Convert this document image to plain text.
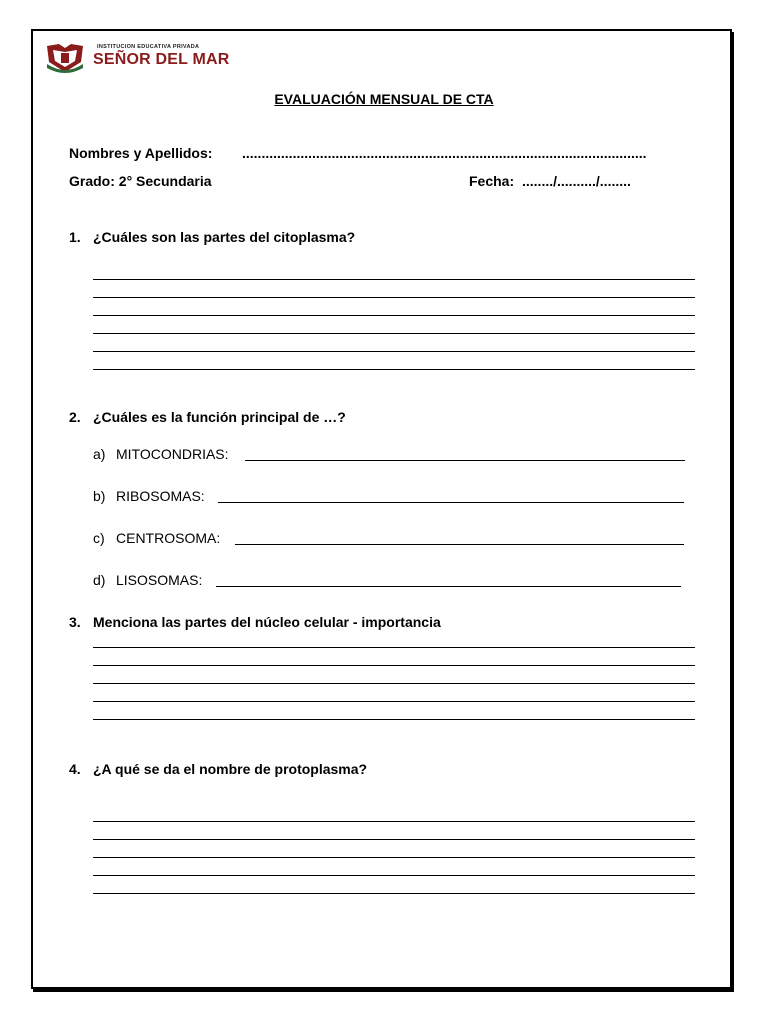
INSTITUCION EDUCATIVA PRIVADA
SEÑOR DEL MAR
EVALUACIÓN MENSUAL DE CTA
Nombres y Apellidos: ........................................................................................................
Grado: 2° Secundaria	Fecha: ......../........../........
1. ¿Cuáles son las partes del citoplasma?
2. ¿Cuáles es la función principal de …?
a) MITOCONDRIAS:
b) RIBOSOMAS:
c) CENTROSOMA:
d) LISOSOMAS:
3. Menciona las partes del núcleo celular - importancia
4. ¿A qué se da el nombre de protoplasma?
